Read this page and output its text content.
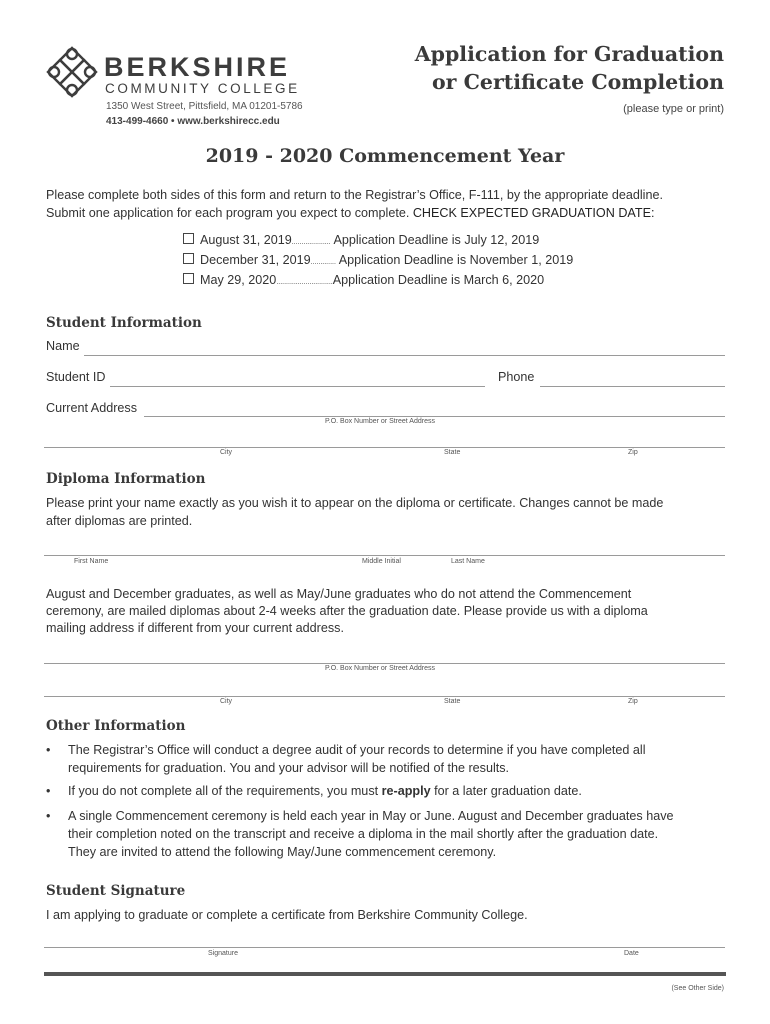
BERKSHIRE
COMMUNITY COLLEGE
1350 West Street, Pittsfield, MA 01201-5786
413-499-4660 • www.berkshirecc.edu
Application for Graduation
or Certificate Completion
(please type or print)
2019 - 2020 Commencement Year
Please complete both sides of this form and return to the Registrar’s Office, F-111, by the appropriate deadline.
Submit one application for each program you expect to complete. CHECK EXPECTED GRADUATION DATE:
August 31, 2019.................... Application Deadline is July 12, 2019
December 31, 2019............. Application Deadline is November 1, 2019
May 29, 2020.............................Application Deadline is March 6, 2020
Student Information
Name
Student ID	Phone
Current Address
P.O. Box Number or Street Address
City	State	Zip
Diploma Information
Please print your name exactly as you wish it to appear on the diploma or certificate. Changes cannot be made
after diplomas are printed.
First Name	Middle Initial	Last Name
August and December graduates, as well as May/June graduates who do not attend the Commencement
ceremony, are mailed diplomas about 2-4 weeks after the graduation date. Please provide us with a diploma
mailing address if different from your current address.
P.O. Box Number or Street Address
City	State	Zip
Other Information
• The Registrar’s Office will conduct a degree audit of your records to determine if you have completed all
requirements for graduation. You and your advisor will be notified of the results.
• If you do not complete all of the requirements, you must re-apply for a later graduation date.
• A single Commencement ceremony is held each year in May or June. August and December graduates have
their completion noted on the transcript and receive a diploma in the mail shortly after the graduation date.
They are invited to attend the following May/June commencement ceremony.
Student Signature
I am applying to graduate or complete a certificate from Berkshire Community College.
Signature	Date
(See Other Side)
